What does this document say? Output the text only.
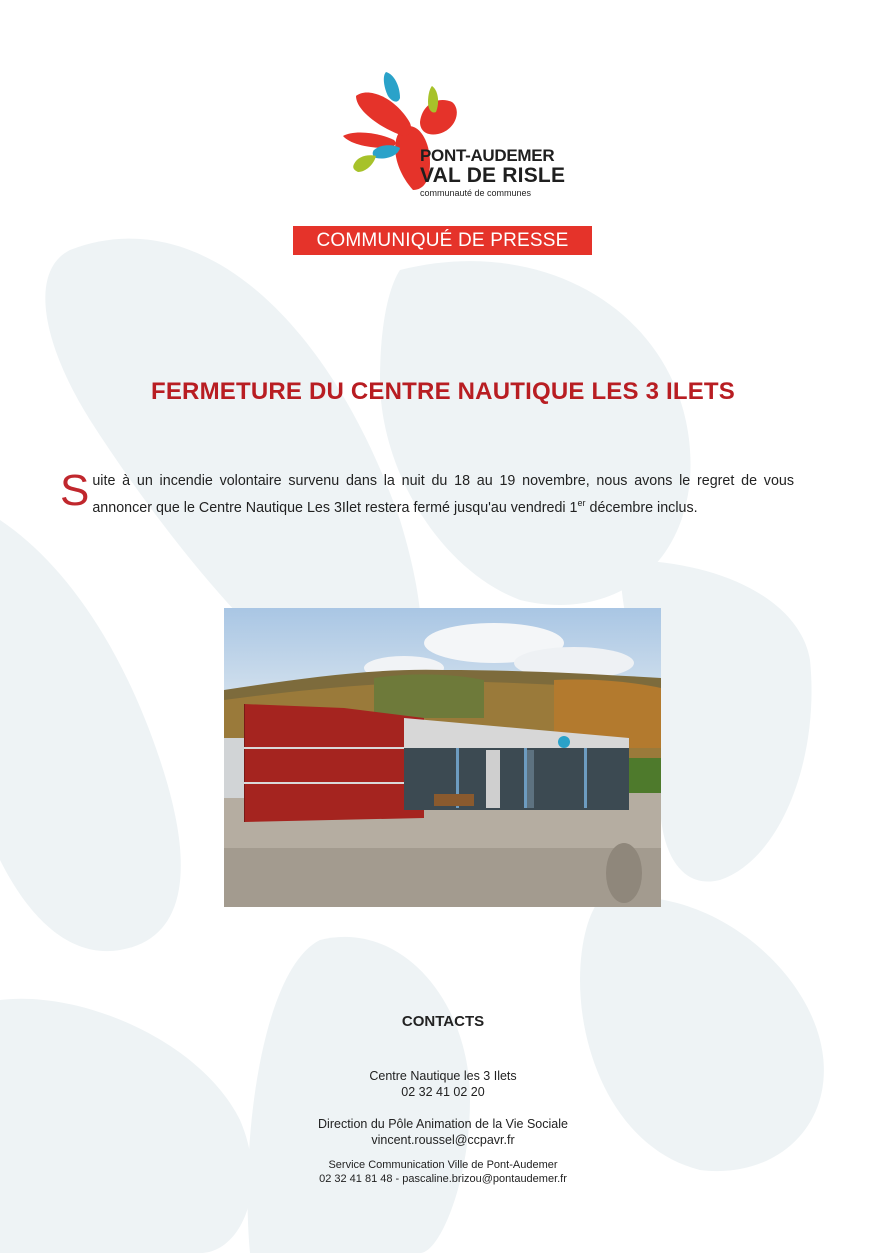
PONT-AUDEMER
VAL DE RISLE
communauté de communes
COMMUNIQUÉ DE PRESSE
FERMETURE DU CENTRE NAUTIQUE LES 3 ILETS
Suite à un incendie volontaire survenu dans la nuit du 18 au 19 novembre, nous avons le regret de vous annoncer que le Centre Nautique Les 3Ilet restera fermé jusqu'au vendredi 1er décembre inclus.
CONTACTS
Centre Nautique les 3 Ilets
02 32 41 02 20
Direction du Pôle Animation de la Vie Sociale
vincent.roussel@ccpavr.fr
Service Communication Ville de Pont-Audemer
02 32 41 81 48 - pascaline.brizou@pontaudemer.fr
